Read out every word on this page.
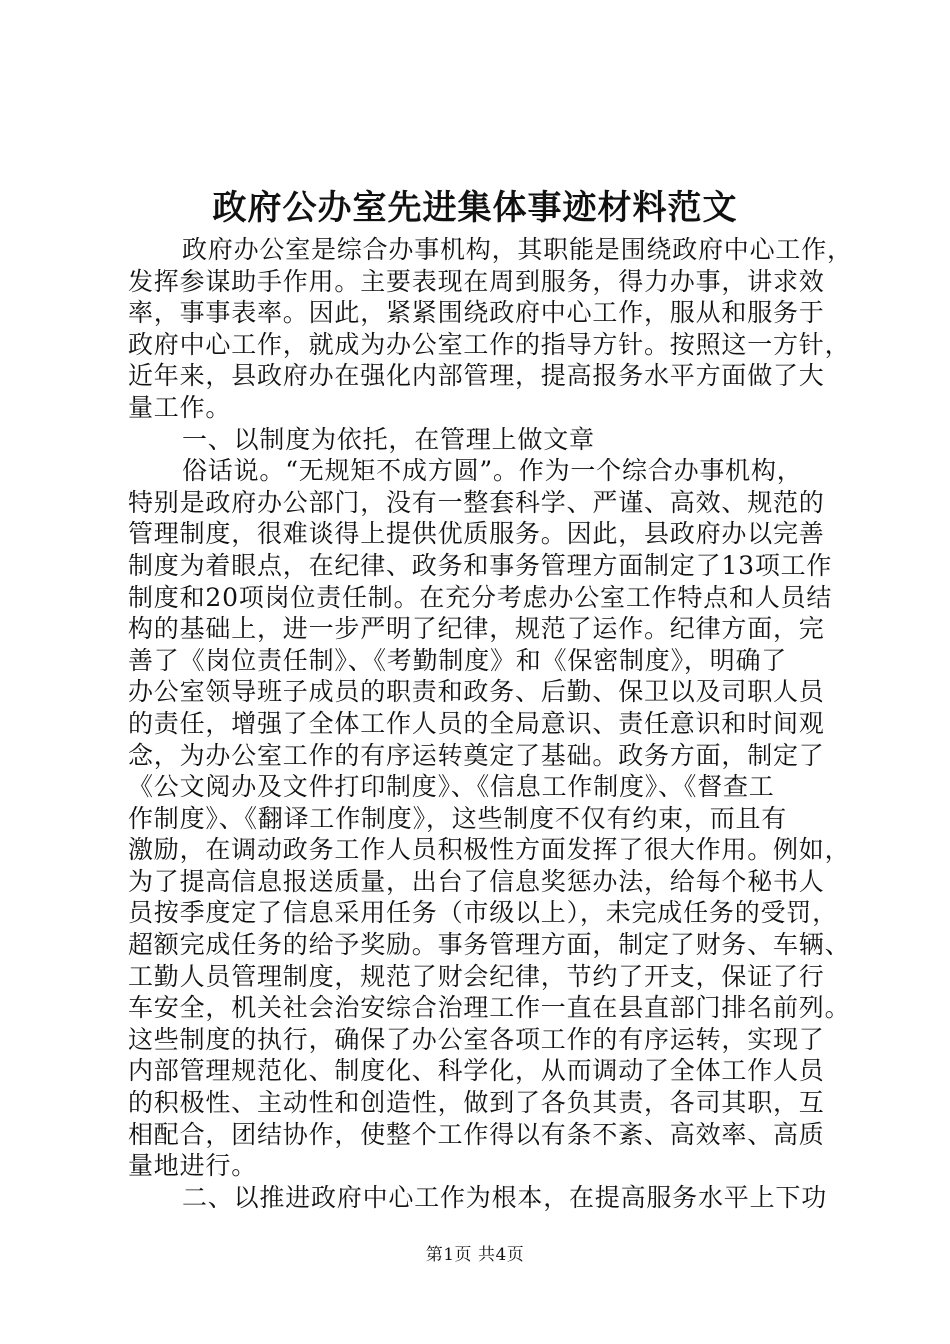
政府公办室先进集体事迹材料范文

政府办公室是综合办事机构，其职能是围绕政府中心工作，

发挥参谋助手作用。主要表现在周到服务，得力办事，讲求效

率，事事表率。因此，紧紧围绕政府中心工作，服从和服务于

政府中心工作，就成为办公室工作的指导方针。按照这一方针，

近年来，县政府办在强化内部管理，提高报务水平方面做了大

量工作。

一、以制度为依托，在管理上做文章

俗话说。“无规矩不成方圆”。作为一个综合办事机构，

特别是政府办公部门，没有一整套科学、严谨、高效、规范的

管理制度，很难谈得上提供优质服务。因此，县政府办以完善

制度为着眼点，在纪律、政务和事务管理方面制定了13项工作

制度和20项岗位责任制。在充分考虑办公室工作特点和人员结

构的基础上，进一步严明了纪律，规范了运作。纪律方面，完

善了《岗位责任制》、《考勤制度》和《保密制度》，明确了

办公室领导班子成员的职责和政务、后勤、保卫以及司职人员

的责任，增强了全体工作人员的全局意识、责任意识和时间观

念，为办公室工作的有序运转奠定了基础。政务方面，制定了

《公文阅办及文件打印制度》、《信息工作制度》、《督查工

作制度》、《翻译工作制度》，这些制度不仅有约束，而且有

激励，在调动政务工作人员积极性方面发挥了很大作用。例如，

为了提高信息报送质量，出台了信息奖惩办法，给每个秘书人

员按季度定了信息采用任务（市级以上），未完成任务的受罚，

超额完成任务的给予奖励。事务管理方面，制定了财务、车辆、

工勤人员管理制度，规范了财会纪律，节约了开支，保证了行

车安全，机关社会治安综合治理工作一直在县直部门排名前列。

这些制度的执行，确保了办公室各项工作的有序运转，实现了

内部管理规范化、制度化、科学化，从而调动了全体工作人员

的积极性、主动性和创造性，做到了各负其责，各司其职，互

相配合，团结协作，使整个工作得以有条不紊、高效率、高质

量地进行。

二、以推进政府中心工作为根本，在提高服务水平上下功

第1页 共4页
